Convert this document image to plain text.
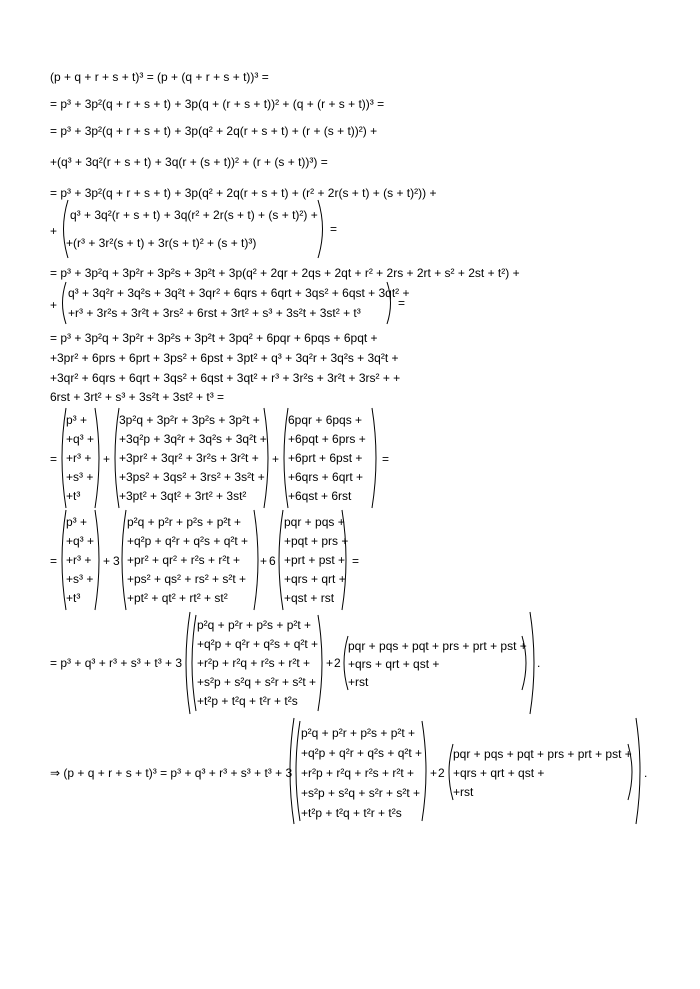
(p + q + r + s + t)³ = (p + (q + r + s + t))³ =
= p³ + 3p²(q + r + s + t) + 3p(q + (r + s + t))² + (q + (r + s + t))³ =
= p³ + 3p²(q + r + s + t) + 3p(q² + 2q(r + s + t) + (r + (s + t))²) +
+(q³ + 3q²(r + s + t) + 3q(r + (s + t))² + (r + (s + t))³) =
= p³ + 3p²(q + r + s + t) + 3p(q² + 2q(r + s + t) + (r² + 2r(s + t) + (s + t)²)) +
+
q³ + 3q²(r + s + t) + 3q(r² + 2r(s + t) + (s + t)²) +
+(r³ + 3r²(s + t) + 3r(s + t)² + (s + t)³)
=
= p³ + 3p²q + 3p²r + 3p²s + 3p²t + 3p(q² + 2qr + 2qs + 2qt + r² + 2rs + 2rt + s² + 2st + t²) +
+
q³ + 3q²r + 3q²s + 3q²t + 3qr² + 6qrs + 6qrt + 3qs² + 6qst + 3qt² +
+r³ + 3r²s + 3r²t + 3rs² + 6rst + 3rt² + s³ + 3s²t + 3st² + t³
=
= p³ + 3p²q + 3p²r + 3p²s + 3p²t + 3pq² + 6pqr + 6pqs + 6pqt +
+3pr² + 6prs + 6prt + 3ps² + 6pst + 3pt² + q³ + 3q²r + 3q²s + 3q²t +
+3qr² + 6qrs + 6qrt + 3qs² + 6qst + 3qt² + r³ + 3r²s + 3r²t + 3rs² + +
6rst + 3rt² + s³ + 3s²t + 3st² + t³ =
=
p³ +
+q³ +
+r³ +
+s³ +
+t³
+
3p²q + 3p²r + 3p²s + 3p²t +
+3q²p + 3q²r + 3q²s + 3q²t +
+3pr² + 3qr² + 3r²s + 3r²t +
+3ps² + 3qs² + 3rs² + 3s²t +
+3pt² + 3qt² + 3rt² + 3st²
+
6pqr + 6pqs +
+6pqt + 6prs +
+6prt + 6pst +
+6qrs + 6qrt +
+6qst + 6rst
=
=
p³ +
+q³ +
+r³ +
+s³ +
+t³
+ 3
p²q + p²r + p²s + p²t +
+q²p + q²r + q²s + q²t +
+pr² + qr² + r²s + r²t +
+ps² + qs² + rs² + s²t +
+pt² + qt² + rt² + st²
+ 6
pqr + pqs +
+pqt + prs +
+prt + pst +
+qrs + qrt +
+qst + rst
=
= p³ + q³ + r³ + s³ + t³ + 3
p²q + p²r + p²s + p²t +
+q²p + q²r + q²s + q²t +
+r²p + r²q + r²s + r²t +
+s²p + s²q + s²r + s²t +
+t²p + t²q + t²r + t²s
+ 2
pqr + pqs + pqt + prs + prt + pst +
+qrs + qrt + qst +
+rst
.
⇒ (p + q + r + s + t)³ = p³ + q³ + r³ + s³ + t³ + 3
p²q + p²r + p²s + p²t +
+q²p + q²r + q²s + q²t +
+r²p + r²q + r²s + r²t +
+s²p + s²q + s²r + s²t +
+t²p + t²q + t²r + t²s
+ 2
pqr + pqs + pqt + prs + prt + pst +
+qrs + qrt + qst +
+rst
.
